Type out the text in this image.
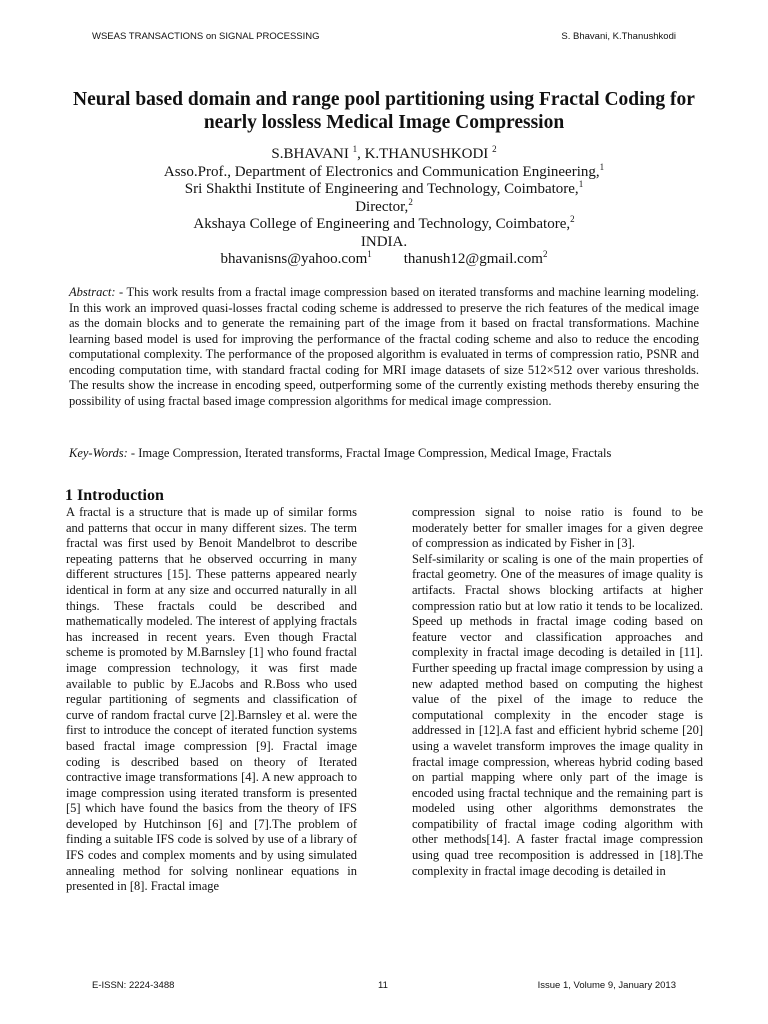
WSEAS TRANSACTIONS on SIGNAL PROCESSING	S. Bhavani, K.Thanushkodi
Neural based domain and range pool partitioning using Fractal Coding for nearly lossless Medical Image Compression
S.BHAVANI $^1$, K.THANUSHKODI $^2$
Asso.Prof., Department of Electronics and Communication Engineering,$^1$
Sri Shakthi Institute of Engineering and Technology, Coimbatore,$^1$
Director,$^2$
Akshaya College of Engineering and Technology, Coimbatore,$^2$
INDIA.
bhavanisns@yahoo.com$^1$ thanush12@gmail.com$^2$
Abstract: - This work results from a fractal image compression based on iterated transforms and machine learning modeling. In this work an improved quasi-losses fractal coding scheme is addressed to preserve the rich features of the medical image as the domain blocks and to generate the remaining part of the image from it based on fractal transformations. Machine learning based model is used for improving the performance of the fractal coding scheme and also to reduce the encoding computational complexity. The performance of the proposed algorithm is evaluated in terms of compression ratio, PSNR and encoding computation time, with standard fractal coding for MRI image datasets of size 512×512 over various thresholds. The results show the increase in encoding speed, outperforming some of the currently existing methods thereby ensuring the possibility of using fractal based image compression algorithms for medical image compression.
Key-Words: - Image Compression, Iterated transforms, Fractal Image Compression, Medical Image, Fractals
1 Introduction

A fractal is a structure that is made up of similar forms and patterns that occur in many different sizes. The term fractal was first used by Benoit Mandelbrot to describe repeating patterns that he observed occurring in many different structures [15]. These patterns appeared nearly identical in form at any size and occurred naturally in all things. These fractals could be described and mathematically modeled. The interest of applying fractals has increased in recent years. Even though Fractal scheme is promoted by M.Barnsley [1] who found fractal image compression technology, it was first made available to public by E.Jacobs and R.Boss who used regular partitioning of segments and classification of curve of random fractal curve [2].Barnsley et al. were the first to introduce the concept of iterated function systems based fractal image compression [9]. Fractal image coding is described based on theory of Iterated contractive image transformations [4]. A new approach to image compression using iterated transform is presented [5] which have found the basics from the theory of IFS developed by Hutchinson [6] and [7].The problem of finding a suitable IFS code is solved by use of a library of IFS codes and complex moments and by using simulated annealing method for solving nonlinear equations in presented in [8]. Fractal image

compression signal to noise ratio is found to be moderately better for smaller images for a given degree of compression as indicated by Fisher in [3].

Self-similarity or scaling is one of the main properties of fractal geometry. One of the measures of image quality is artifacts. Fractal shows blocking artifacts at higher compression ratio but at low ratio it tends to be localized. Speed up methods in fractal image coding based on feature vector and classification approaches and complexity in fractal image decoding is detailed in [11]. Further speeding up fractal image compression by using a new adapted method based on computing the highest value of the pixel of the image to reduce the computational complexity in the encoder stage is addressed in [12].A fast and efficient hybrid scheme [20] using a wavelet transform improves the image quality in fractal image compression, whereas hybrid coding based on partial mapping where only part of the image is encoded using fractal technique and the remaining part is modeled using other algorithms demonstrates the compatibility of fractal image coding algorithm with other methods[14]. A faster fractal image compression using quad tree recomposition is addressed in [18].The complexity in fractal image decoding is detailed in

E-ISSN: 2224-3488	11	Issue 1, Volume 9, January 2013
